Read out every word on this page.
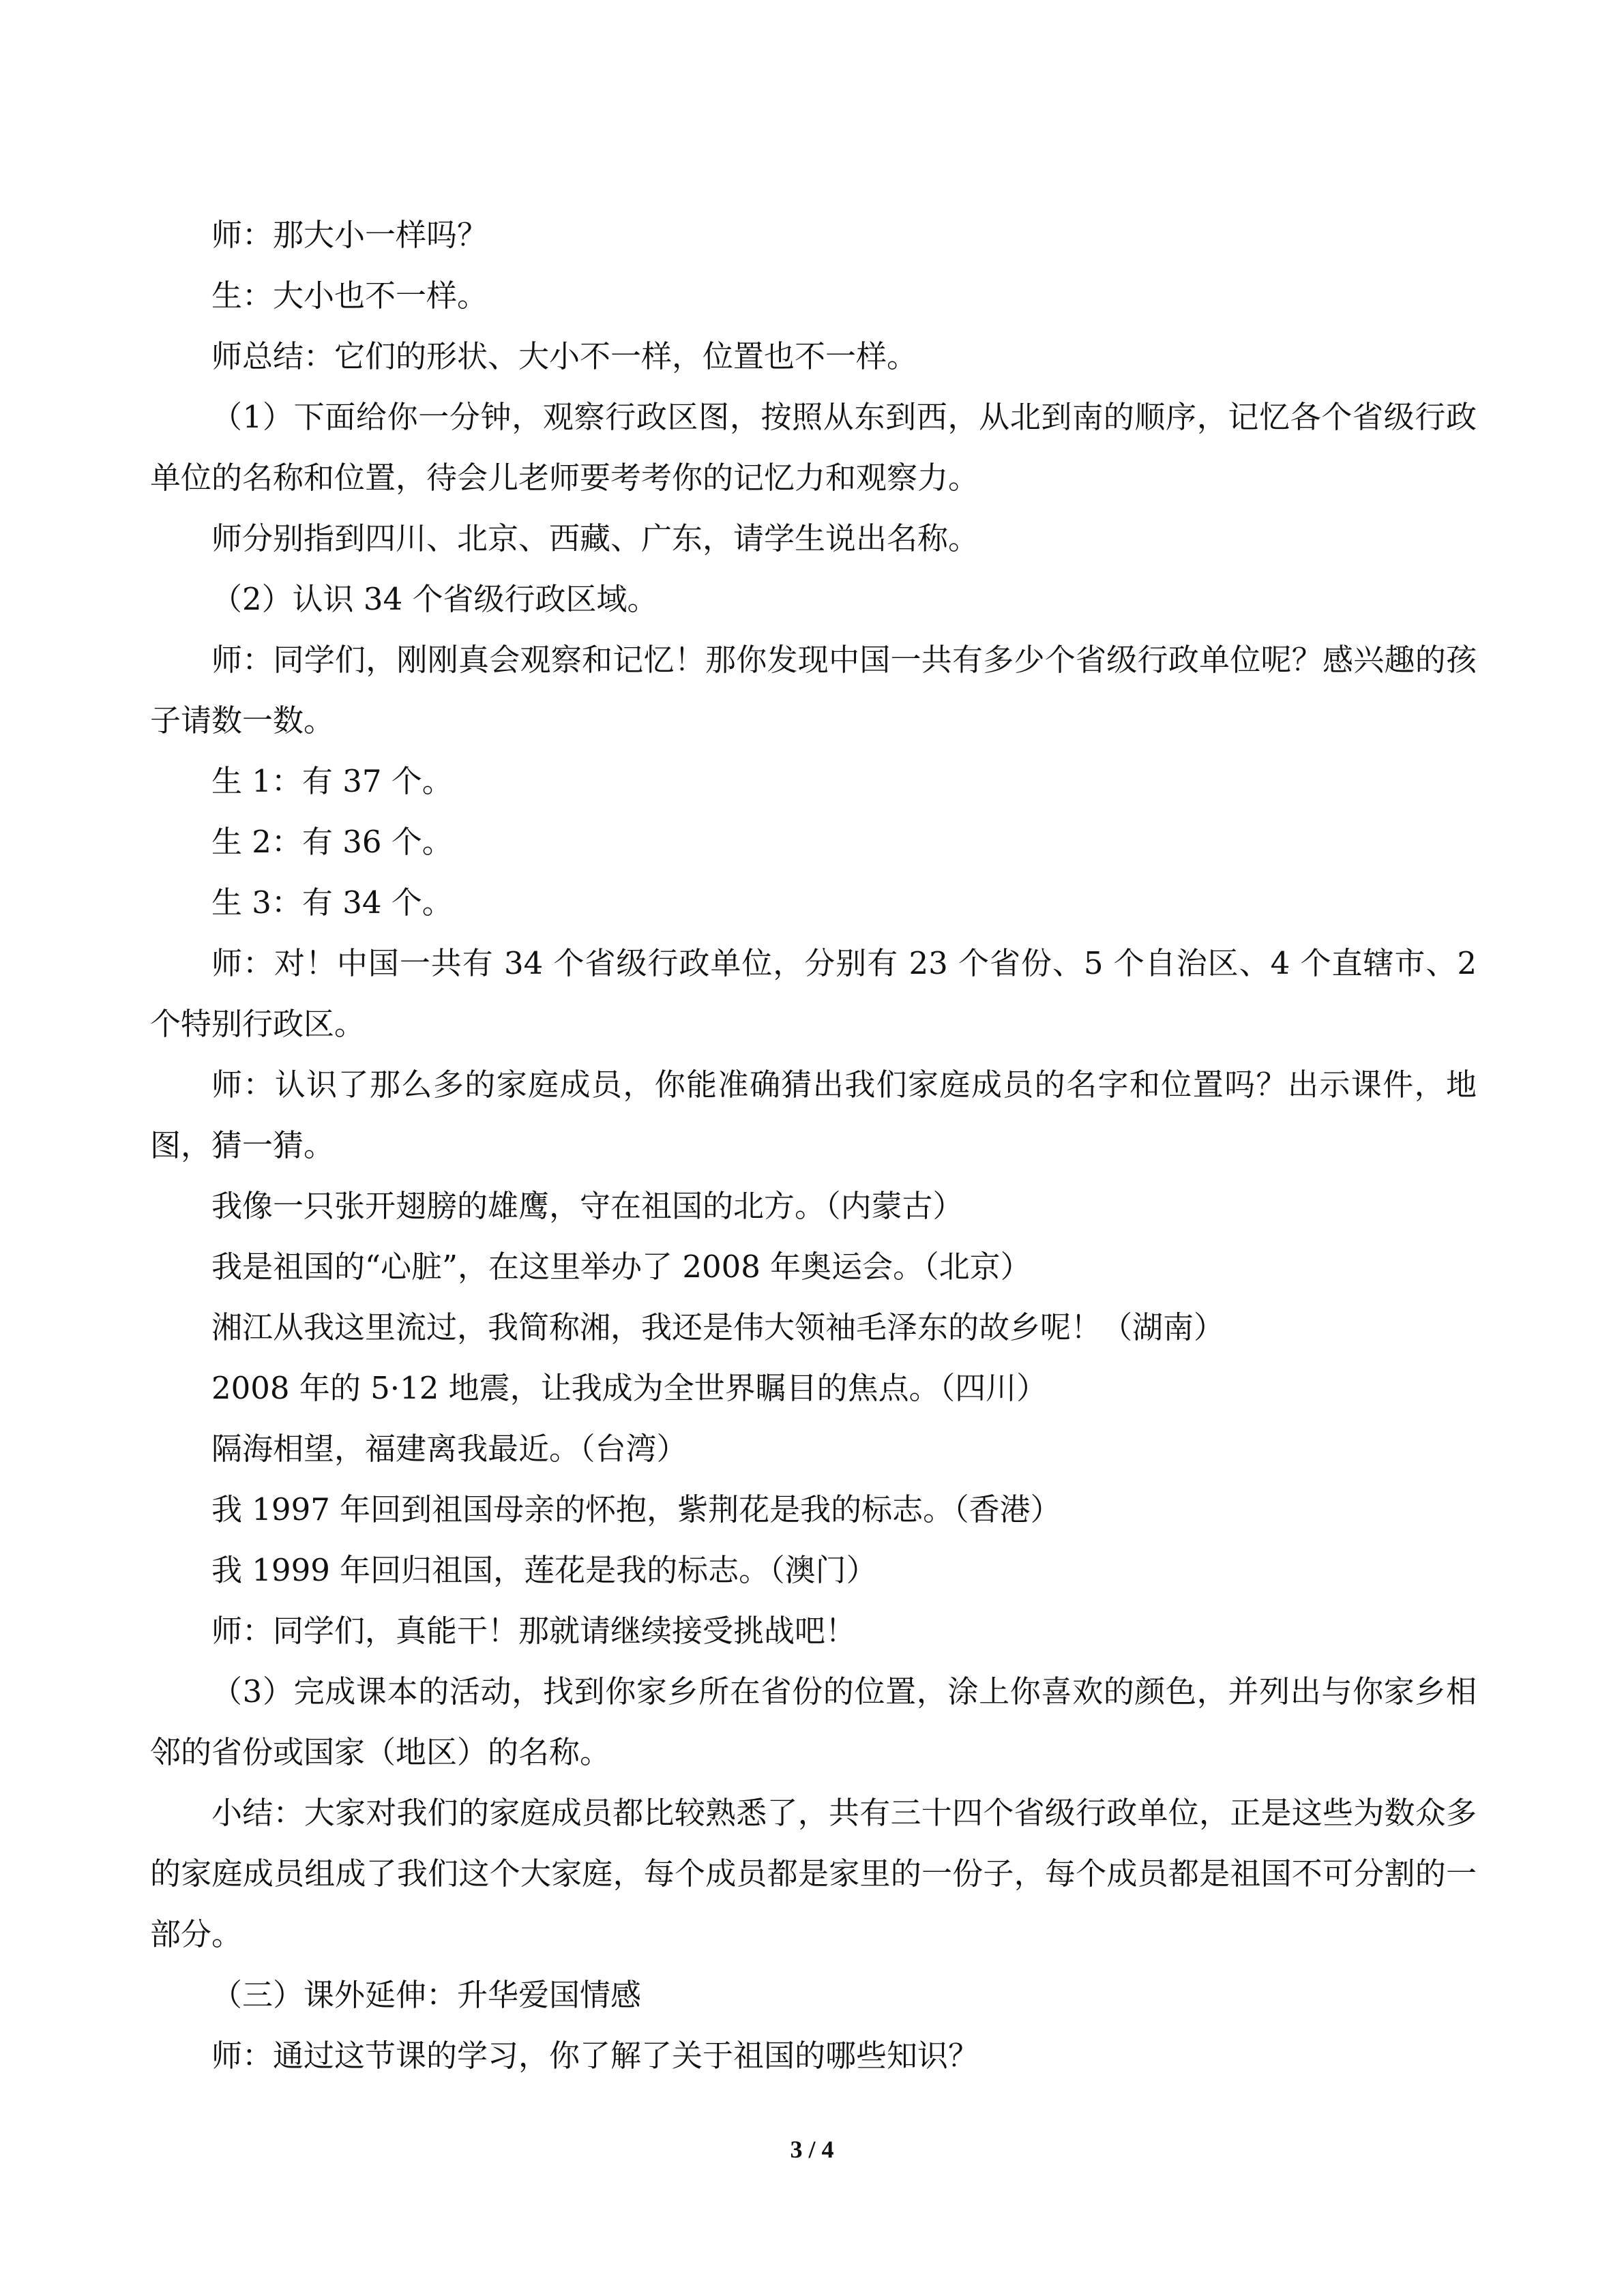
师：那大小一样吗？

生：大小也不一样。

师总结：它们的形状、大小不一样，位置也不一样。

（1）下面给你一分钟，观察行政区图，按照从东到西，从北到南的顺序，记忆各个省级行政单位的名称和位置，待会儿老师要考考你的记忆力和观察力。

师分别指到四川、北京、西藏、广东，请学生说出名称。

（2）认识 34 个省级行政区域。

师：同学们，刚刚真会观察和记忆！那你发现中国一共有多少个省级行政单位呢？感兴趣的孩子请数一数。

生 1：有 37 个。

生 2：有 36 个。

生 3：有 34 个。

师：对！中国一共有 34 个省级行政单位，分别有 23 个省份、5 个自治区、4 个直辖市、2 个特别行政区。

师：认识了那么多的家庭成员，你能准确猜出我们家庭成员的名字和位置吗？出示课件，地图，猜一猜。

我像一只张开翅膀的雄鹰，守在祖国的北方。（内蒙古）

我是祖国的“心脏”，在这里举办了 2008 年奥运会。（北京）

湘江从我这里流过，我简称湘，我还是伟大领袖毛泽东的故乡呢！（湖南）

2008 年的 5·12 地震，让我成为全世界瞩目的焦点。（四川）

隔海相望，福建离我最近。（台湾）

我 1997 年回到祖国母亲的怀抱，紫荆花是我的标志。（香港）

我 1999 年回归祖国，莲花是我的标志。（澳门）

师：同学们，真能干！那就请继续接受挑战吧！

（3）完成课本的活动，找到你家乡所在省份的位置，涂上你喜欢的颜色，并列出与你家乡相邻的省份或国家（地区）的名称。

小结：大家对我们的家庭成员都比较熟悉了，共有三十四个省级行政单位，正是这些为数众多的家庭成员组成了我们这个大家庭，每个成员都是家里的一份子，每个成员都是祖国不可分割的一部分。

（三）课外延伸：升华爱国情感

师：通过这节课的学习，你了解了关于祖国的哪些知识？

3 / 4
